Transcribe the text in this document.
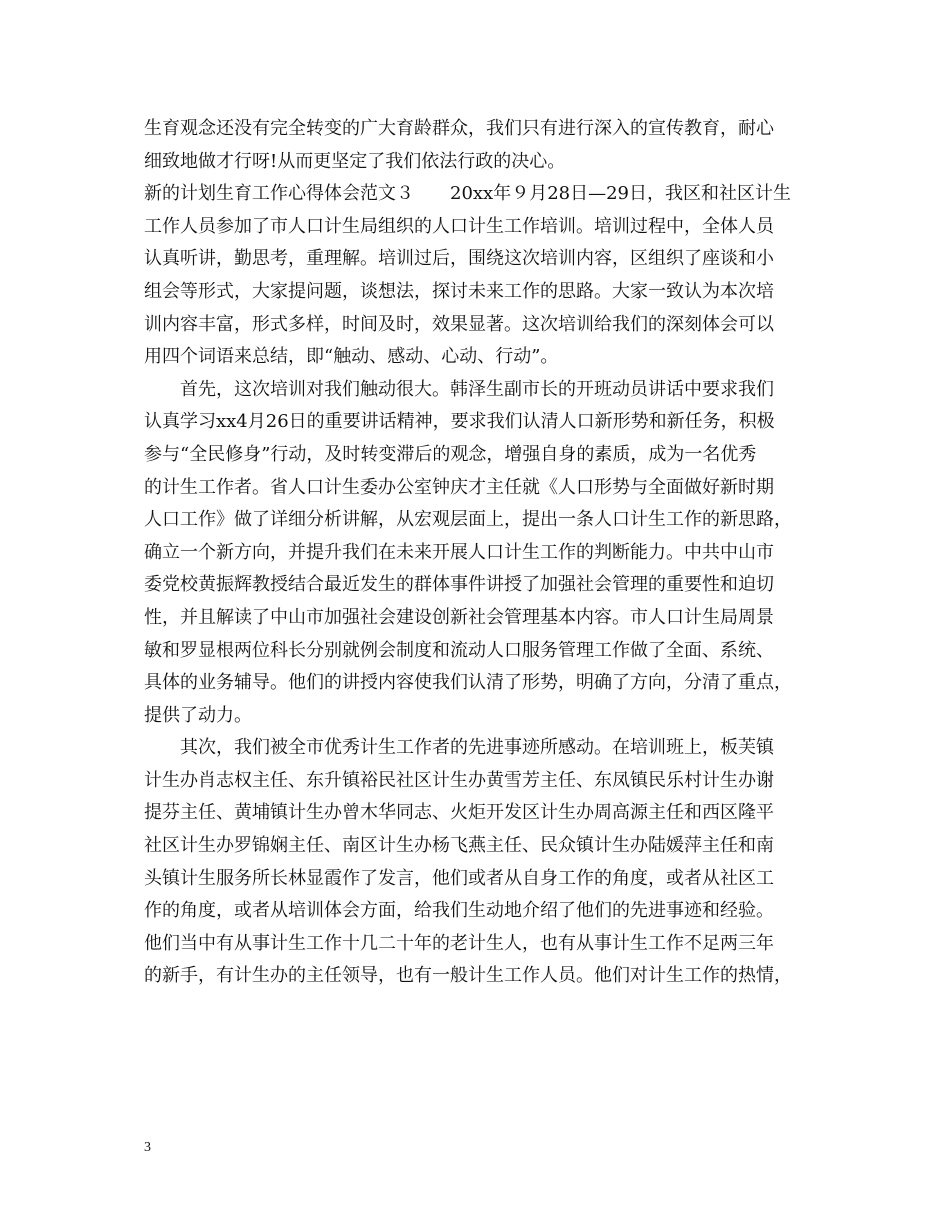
生育观念还没有完全转变的广大育龄群众，我们只有进行深入的宣传教育，耐心
细致地做才行呀!从而更坚定了我们依法行政的决心。
新的计划生育工作心得体会范文３　　20xx年９月28日—29日，我区和社区计生
工作人员参加了市人口计生局组织的人口计生工作培训。培训过程中，全体人员
认真听讲，勤思考，重理解。培训过后，围绕这次培训内容，区组织了座谈和小
组会等形式，大家提问题，谈想法，探讨未来工作的思路。大家一致认为本次培
训内容丰富，形式多样，时间及时，效果显著。这次培训给我们的深刻体会可以
用四个词语来总结，即“触动、感动、心动、行动”。
首先，这次培训对我们触动很大。韩泽生副市长的开班动员讲话中要求我们
认真学习xx4月26日的重要讲话精神，要求我们认清人口新形势和新任务，积极
参与“全民修身”行动，及时转变滞后的观念，增强自身的素质，成为一名优秀
的计生工作者。省人口计生委办公室钟庆才主任就《人口形势与全面做好新时期
人口工作》做了详细分析讲解，从宏观层面上，提出一条人口计生工作的新思路，
确立一个新方向，并提升我们在未来开展人口计生工作的判断能力。中共中山市
委党校黄振辉教授结合最近发生的群体事件讲授了加强社会管理的重要性和迫切
性，并且解读了中山市加强社会建设创新社会管理基本内容。市人口计生局周景
敏和罗显根两位科长分别就例会制度和流动人口服务管理工作做了全面、系统、
具体的业务辅导。他们的讲授内容使我们认清了形势，明确了方向，分清了重点，
提供了动力。
其次，我们被全市优秀计生工作者的先进事迹所感动。在培训班上，板芙镇
计生办肖志权主任、东升镇裕民社区计生办黄雪芳主任、东凤镇民乐村计生办谢
提芬主任、黄埔镇计生办曾木华同志、火炬开发区计生办周高源主任和西区隆平
社区计生办罗锦娴主任、南区计生办杨飞燕主任、民众镇计生办陆媛萍主任和南
头镇计生服务所长林显霞作了发言，他们或者从自身工作的角度，或者从社区工
作的角度，或者从培训体会方面，给我们生动地介绍了他们的先进事迹和经验。
他们当中有从事计生工作十几二十年的老计生人，也有从事计生工作不足两三年
的新手，有计生办的主任领导，也有一般计生工作人员。他们对计生工作的热情，
3
